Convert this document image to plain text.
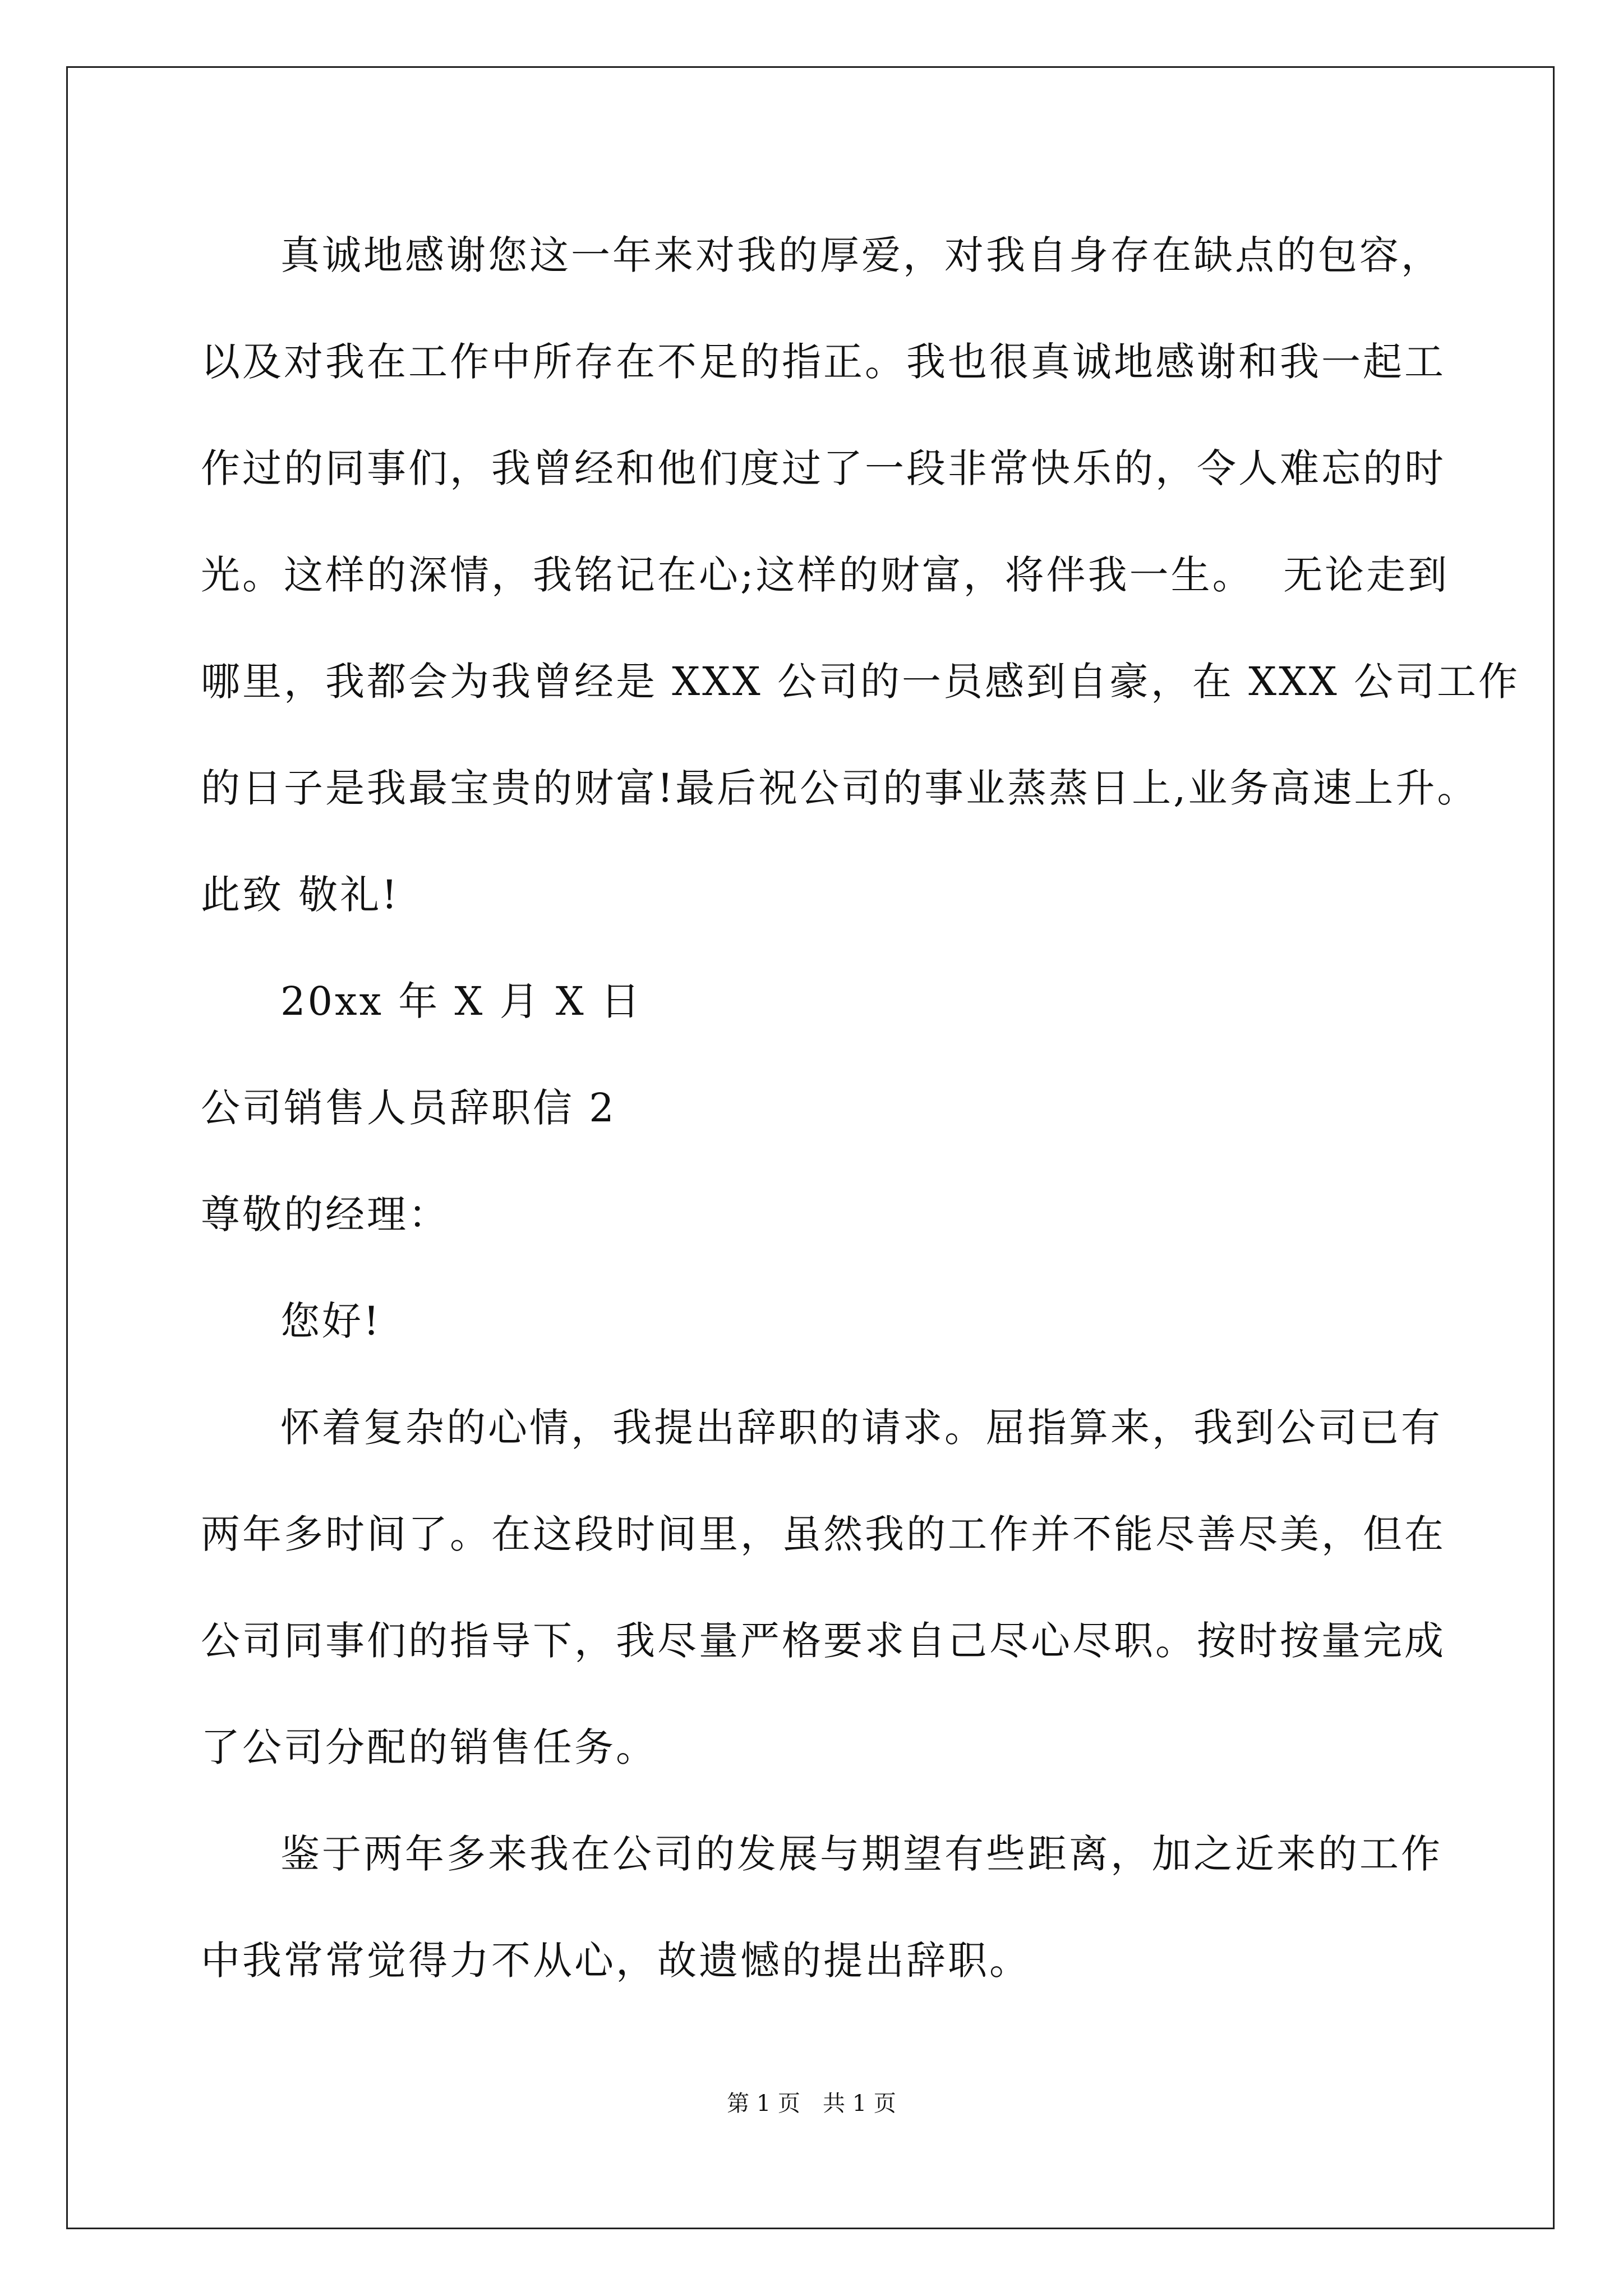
真诚地感谢您这一年来对我的厚爱，对我自身存在缺点的包容，
以及对我在工作中所存在不足的指正。我也很真诚地感谢和我一起工
作过的同事们，我曾经和他们度过了一段非常快乐的，令人难忘的时
光。这样的深情，我铭记在心;这样的财富，将伴我一生。  无论走到
哪里，我都会为我曾经是 XXX 公司的一员感到自豪，在 XXX 公司工作
的日子是我最宝贵的财富!最后祝公司的事业蒸蒸日上,业务高速上升。
此致 敬礼!
20xx 年 X 月 X 日
公司销售人员辞职信 2
尊敬的经理：
您好!
怀着复杂的心情，我提出辞职的请求。屈指算来，我到公司已有
两年多时间了。在这段时间里，虽然我的工作并不能尽善尽美，但在
公司同事们的指导下，我尽量严格要求自己尽心尽职。按时按量完成
了公司分配的销售任务。
鉴于两年多来我在公司的发展与期望有些距离，加之近来的工作
中我常常觉得力不从心，故遗憾的提出辞职。
第 1 页 共 1 页
